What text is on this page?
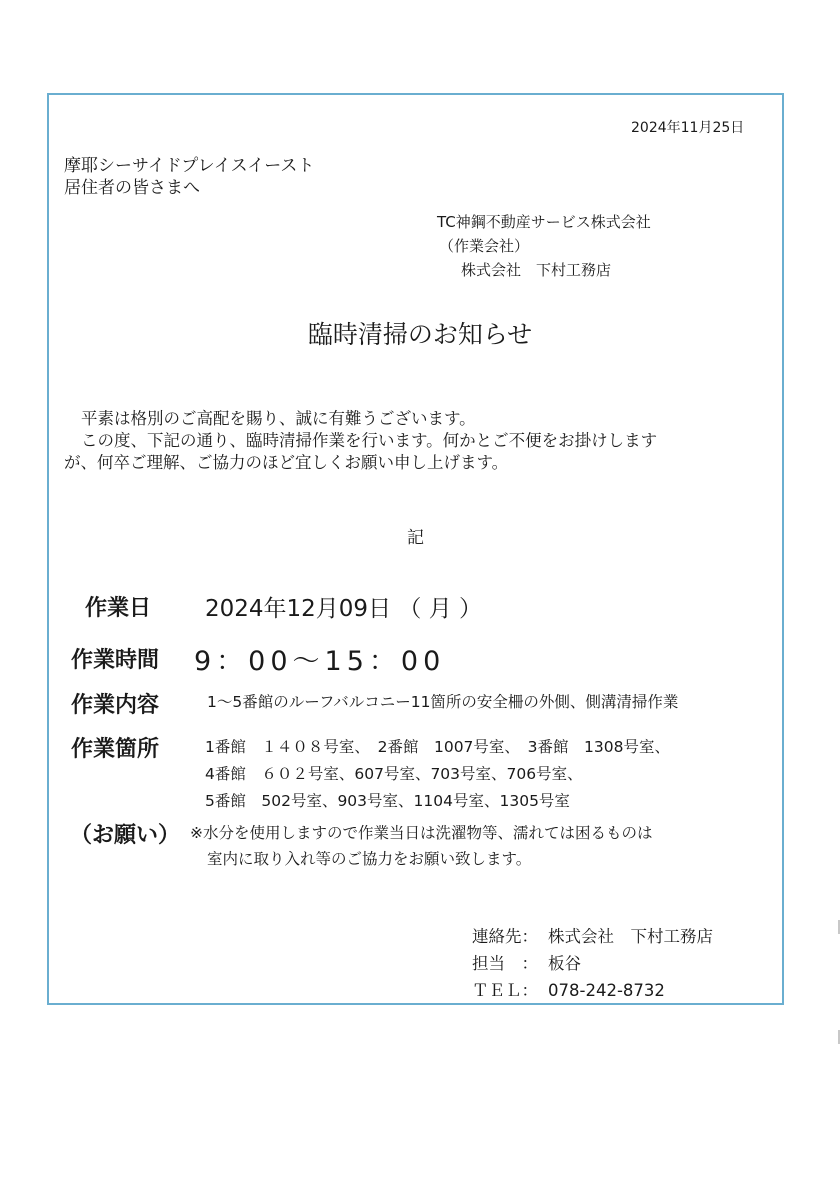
2024年11月25日
摩耶シーサイドプレイスイースト
居住者の皆さまへ
TC神鋼不動産サービス株式会社
（作業会社）
株式会社　下村工務店
臨時清掃のお知らせ
平素は格別のご高配を賜り、誠に有難うございます。
この度、下記の通り、臨時清掃作業を行います。何かとご不便をお掛けします
が、何卒ご理解、ご協力のほど宜しくお願い申し上げます。
記
作業日 2024年12月09日 （ 月 ）
作業時間 9：00～15：00
作業内容	1～5番館のルーフバルコニー11箇所の安全柵の外側、側溝清掃作業
作業箇所	1番館　１４０８号室、　2番館　1007号室、　3番館　1308号室、
4番館　６０２号室、607号室、703号室、706号室、
5番館　502号室、903号室、1104号室、1305号室
（お願い） ※水分を使用しますので作業当日は洗濯物等、濡れては困るものは
室内に取り入れ等のご協力をお願い致します。
連絡先： 株式会社　下村工務店
担当　： 板谷
ＴＥＬ： 078-242-8732
